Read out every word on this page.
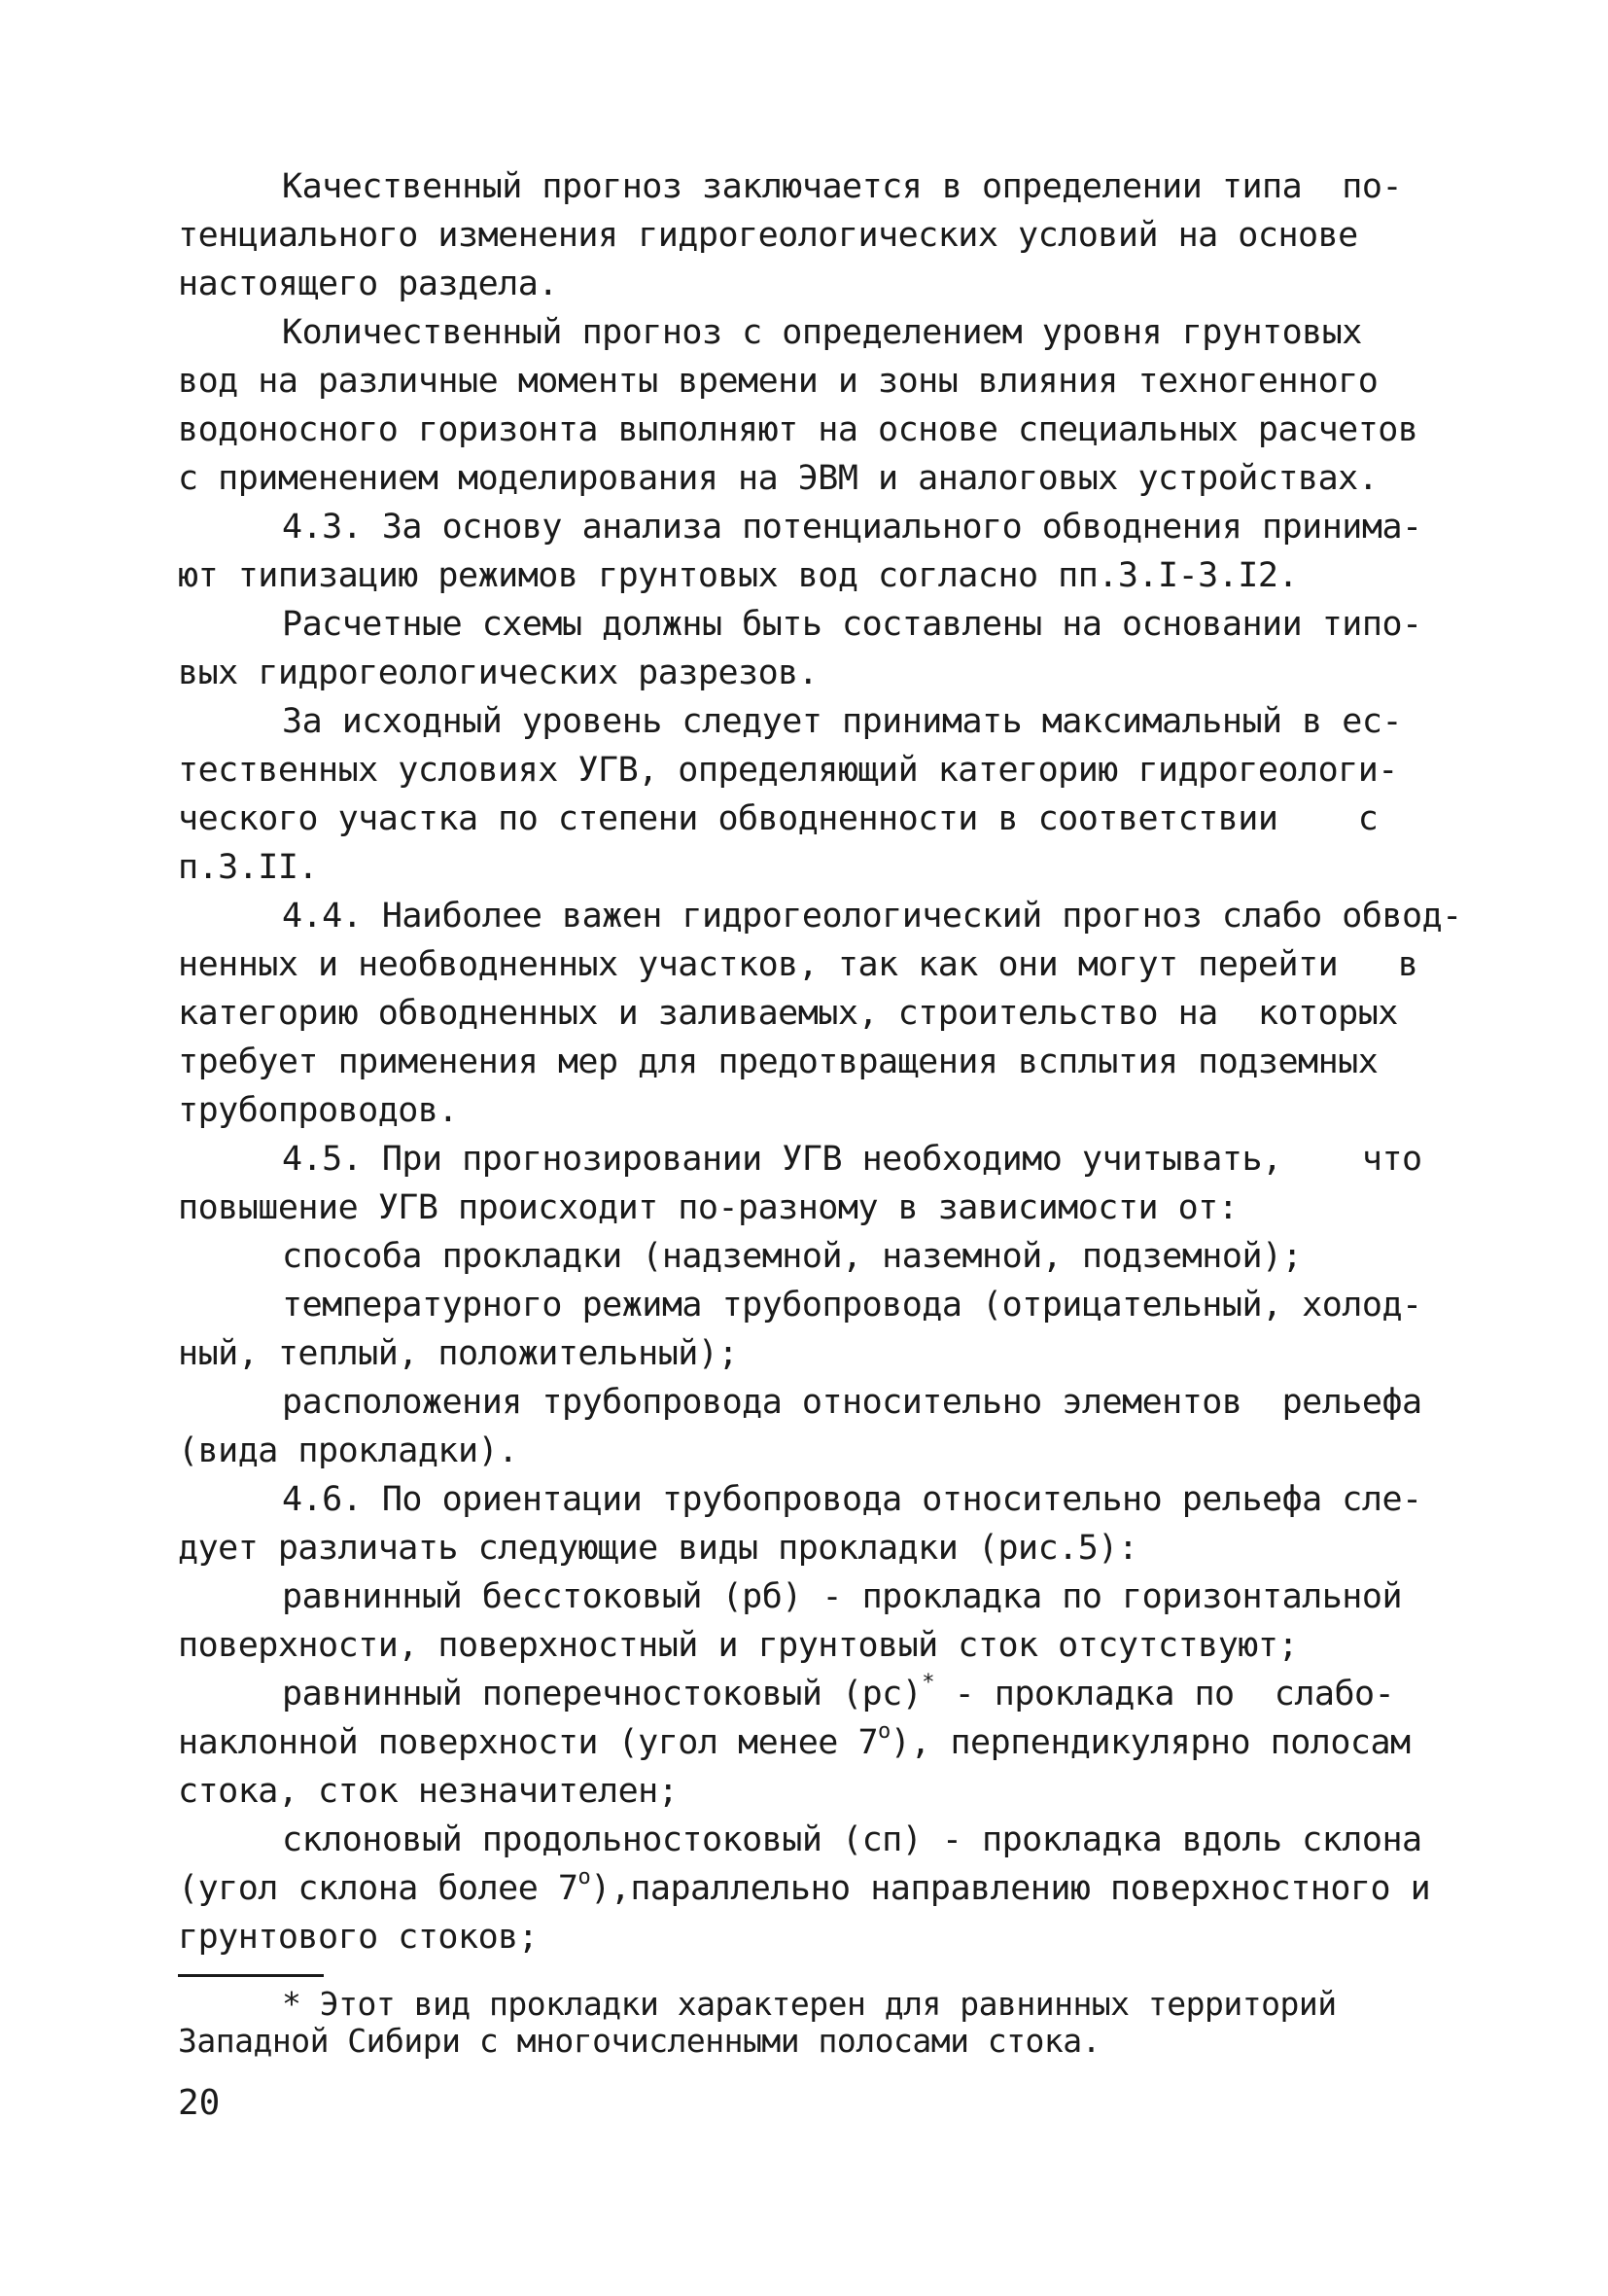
Качественный прогноз заключается в определении типа  по-
тенциального изменения гидрогеологических условий на основе
настоящего раздела.
Количественный прогноз с определением уровня грунтовых
вод на различные моменты времени и зоны влияния техногенного
водоносного горизонта выполняют на основе специальных расчетов
с применением моделирования на ЭВМ и аналоговых устройствах.
4.3. За основу анализа потенциального обводнения принима-
ют типизацию режимов грунтовых вод согласно пп.3.I-3.I2.
Расчетные схемы должны быть составлены на основании типо-
вых гидрогеологических разрезов.
За исходный уровень следует принимать максимальный в ес-
тественных условиях УГВ, определяющий категорию гидрогеологи-
ческого участка по степени обводненности в соответствии    с
п.3.II.
4.4. Наиболее важен гидрогеологический прогноз слабо обвод-
ненных и необводненных участков, так как они могут перейти   в
категорию обводненных и заливаемых, строительство на  которых
требует применения мер для предотвращения всплытия подземных
трубопроводов.
4.5. При прогнозировании УГВ необходимо учитывать,    что
повышение УГВ происходит по-разному в зависимости от:
способа прокладки (надземной, наземной, подземной);
температурного режима трубопровода (отрицательный, холод-
ный, теплый, положительный);
расположения трубопровода относительно элементов  рельефа
(вида прокладки).
4.6. По ориентации трубопровода относительно рельефа сле-
дует различать следующие виды прокладки (рис.5):
равнинный бесстоковый (рб) - прокладка по горизонтальной
поверхности, поверхностный и грунтовый сток отсутствуют;
равнинный поперечностоковый (рс)* - прокладка по  слабо-
наклонной поверхности (угол менее $7^о$), перпендикулярно полосам
стока, сток незначителен;
склоновый продольностоковый (сп) - прокладка вдоль склона
(угол склона более $7^о),параллельно$ направлению поверхностного и
грунтового стоков;
* Этот вид прокладки характерен для равнинных территорий
Западной Сибири с многочисленными полосами стока.
20
